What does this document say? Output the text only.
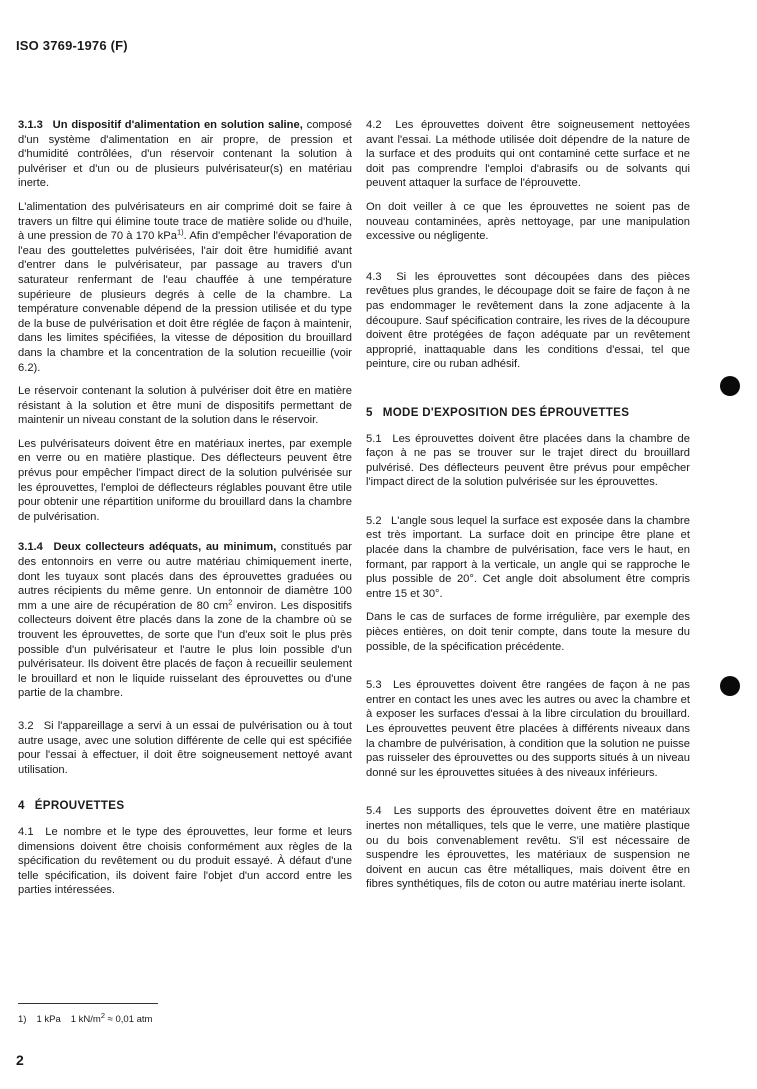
ISO 3769-1976 (F)

3.1.3 Un dispositif d'alimentation en solution saline, composé d'un système d'alimentation en air propre, de pression et d'humidité contrôlées, d'un réservoir contenant la solution à pulvériser et d'un ou de plusieurs pulvérisateur(s) en matériau inerte.

L'alimentation des pulvérisateurs en air comprimé doit se faire à travers un filtre qui élimine toute trace de matière solide ou d'huile, à une pression de 70 à 170 kPa$^{1)}$. Afin d'empêcher l'évaporation de l'eau des gouttelettes pulvérisées, l'air doit être humidifié avant d'entrer dans le pulvérisateur, par passage au travers d'un saturateur renfermant de l'eau chauffée à une température supérieure de plusieurs degrés à celle de la chambre. La température convenable dépend de la pression utilisée et du type de la buse de pulvérisation et doit être réglée de façon à maintenir, dans les limites spécifiées, la vitesse de déposition du brouillard dans la chambre et la concentration de la solution recueillie (voir 6.2).

Le réservoir contenant la solution à pulvériser doit être en matière résistant à la solution et être muni de dispositifs permettant de maintenir un niveau constant de la solution dans le réservoir.

Les pulvérisateurs doivent être en matériaux inertes, par exemple en verre ou en matière plastique. Des déflecteurs peuvent être prévus pour empêcher l'impact direct de la solution pulvérisée sur les éprouvettes, l'emploi de déflecteurs réglables pouvant être utile pour obtenir une répartition uniforme du brouillard dans la chambre de pulvérisation.

3.1.4 Deux collecteurs adéquats, au minimum, constitués par des entonnoirs en verre ou autre matériau chimiquement inerte, dont les tuyaux sont placés dans des éprouvettes graduées ou autres récipients du même genre. Un entonnoir de diamètre 100 mm a une aire de récupération de 80 $cm^2$ environ. Les dispositifs collecteurs doivent être placés dans la zone de la chambre où se trouvent les éprouvettes, de sorte que l'un d'eux soit le plus près possible d'un pulvérisateur et l'autre le plus loin possible d'un pulvérisateur. Ils doivent être placés de façon à recueillir seulement le brouillard et non le liquide ruisselant des éprouvettes ou d'une partie de la chambre.

3.2 Si l'appareillage a servi à un essai de pulvérisation ou à tout autre usage, avec une solution différente de celle qui est spécifiée pour l'essai à effectuer, il doit être soigneusement nettoyé avant utilisation.

4 ÉPROUVETTES

4.1 Le nombre et le type des éprouvettes, leur forme et leurs dimensions doivent être choisis conformément aux règles de la spécification du revêtement ou du produit essayé. À défaut d'une telle spécification, ils doivent faire l'objet d'un accord entre les parties intéressées.

4.2 Les éprouvettes doivent être soigneusement nettoyées avant l'essai. La méthode utilisée doit dépendre de la nature de la surface et des produits qui ont contaminé cette surface et ne doit pas comprendre l'emploi d'abrasifs ou de solvants qui peuvent attaquer la surface de l'éprouvette.

On doit veiller à ce que les éprouvettes ne soient pas de nouveau contaminées, après nettoyage, par une manipulation excessive ou négligente.

4.3 Si les éprouvettes sont découpées dans des pièces revêtues plus grandes, le découpage doit se faire de façon à ne pas endommager le revêtement dans la zone adjacente à la découpure. Sauf spécification contraire, les rives de la découpure doivent être protégées de façon adéquate par un revêtement approprié, inattaquable dans les conditions d'essai, tel que peinture, cire ou ruban adhésif.

5 MODE D'EXPOSITION DES ÉPROUVETTES

5.1 Les éprouvettes doivent être placées dans la chambre de façon à ne pas se trouver sur le trajet direct du brouillard pulvérisé. Des déflecteurs peuvent être prévus pour empêcher l'impact direct de la solution pulvérisée sur les éprouvettes.

5.2 L'angle sous lequel la surface est exposée dans la chambre est très important. La surface doit en principe être plane et placée dans la chambre de pulvérisation, face vers le haut, en formant, par rapport à la verticale, un angle qui se rapproche le plus possible de 20°. Cet angle doit absolument être compris entre 15 et 30°.

Dans le cas de surfaces de forme irrégulière, par exemple des pièces entières, on doit tenir compte, dans toute la mesure du possible, de la spécification précédente.

5.3 Les éprouvettes doivent être rangées de façon à ne pas entrer en contact les unes avec les autres ou avec la chambre et à exposer les surfaces d'essai à la libre circulation du brouillard. Les éprouvettes peuvent être placées à différents niveaux dans la chambre de pulvérisation, à condition que la solution ne puisse pas ruisseler des éprouvettes ou des supports situés à un niveau donné sur les éprouvettes situées à des niveaux inférieurs.

5.4 Les supports des éprouvettes doivent être en matériaux inertes non métalliques, tels que le verre, une matière plastique ou du bois convenablement revêtu. S'il est nécessaire de suspendre les éprouvettes, les matériaux de suspension ne doivent en aucun cas être métalliques, mais doivent être en fibres synthétiques, fils de coton ou autre matériau inerte isolant.

1) 1 kPa 1 $kN/m^2 \approx 0,01$ atm
2
